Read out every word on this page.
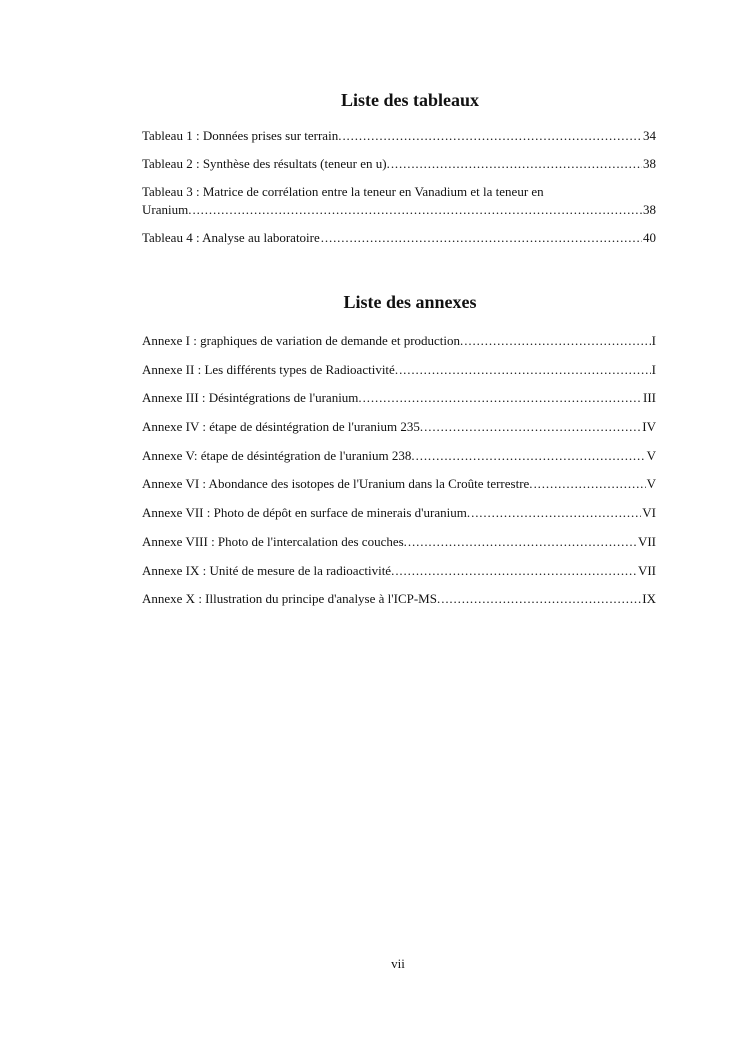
Liste des tableaux
Tableau 1 : Données prises sur terrain. . . .	34
Tableau 2 : Synthèse des résultats (teneur en u). . . .	38
Tableau 3 : Matrice de corrélation entre la teneur en Vanadium et la teneur en
Uranium. . . .	38
Tableau 4 : Analyse au laboratoire . . .	40
Liste des annexes
Annexe I : graphiques de variation de demande et production. . . .	I
Annexe II : Les différents types de Radioactivité. . . .	I
Annexe III : Désintégrations de l'uranium. . . .	III
Annexe IV : étape de désintégration de l'uranium 235. . . .	IV
Annexe V: étape de désintégration de l'uranium 238. . . .	V
Annexe VI : Abondance des isotopes de l'Uranium dans la Croûte terrestre. . . .	V
Annexe VII : Photo de dépôt en surface de minerais d'uranium. . . .	VI
Annexe VIII : Photo de l'intercalation des couches. . . .	VII
Annexe IX : Unité de mesure de la radioactivité. . . .	VII
Annexe X : Illustration du principe d'analyse à l'ICP-MS. . . .	IX
vii
